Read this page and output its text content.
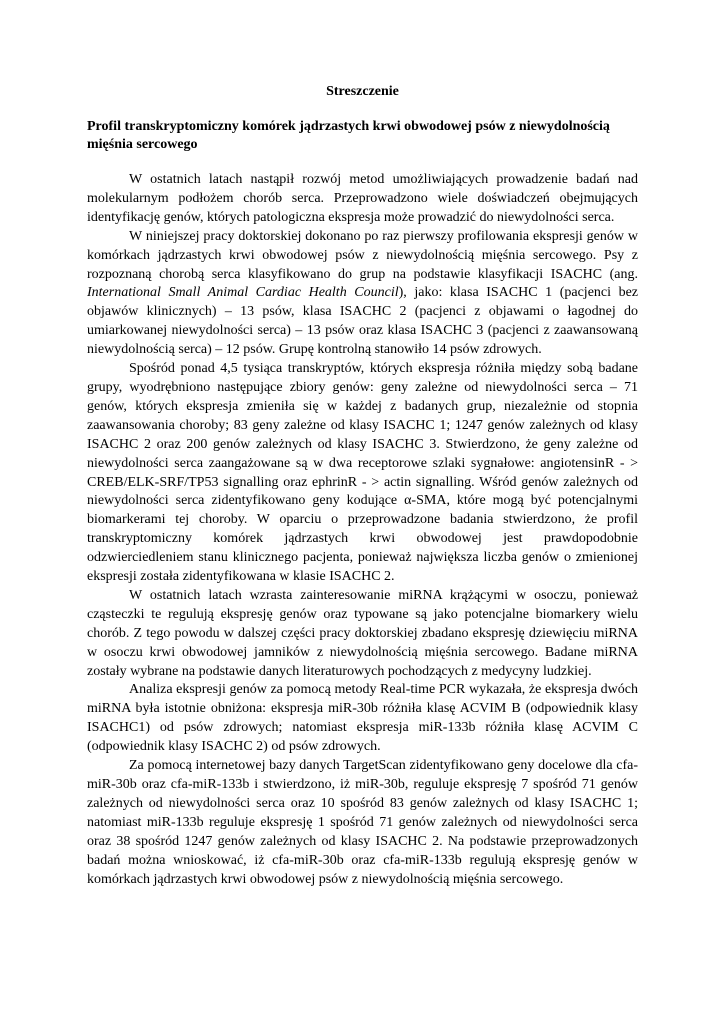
Streszczenie
Profil transkryptomiczny komórek jądrzastych krwi obwodowej psów z niewydolnością mięśnia sercowego

W ostatnich latach nastąpił rozwój metod umożliwiających prowadzenie badań nad molekularnym podłożem chorób serca. Przeprowadzono wiele doświadczeń obejmujących identyfikację genów, których patologiczna ekspresja może prowadzić do niewydolności serca.

W niniejszej pracy doktorskiej dokonano po raz pierwszy profilowania ekspresji genów w komórkach jądrzastych krwi obwodowej psów z niewydolnością mięśnia sercowego. Psy z rozpoznaną chorobą serca klasyfikowano do grup na podstawie klasyfikacji ISACHC (ang. International Small Animal Cardiac Health Council), jako: klasa ISACHC 1 (pacjenci bez objawów klinicznych) – 13 psów, klasa ISACHC 2 (pacjenci z objawami o łagodnej do umiarkowanej niewydolności serca) – 13 psów oraz klasa ISACHC 3 (pacjenci z zaawansowaną niewydolnością serca) – 12 psów. Grupę kontrolną stanowiło 14 psów zdrowych.

Spośród ponad 4,5 tysiąca transkryptów, których ekspresja różniła między sobą badane grupy, wyodrębniono następujące zbiory genów: geny zależne od niewydolności serca – 71 genów, których ekspresja zmieniła się w każdej z badanych grup, niezależnie od stopnia zaawansowania choroby; 83 geny zależne od klasy ISACHC 1; 1247 genów zależnych od klasy ISACHC 2 oraz 200 genów zależnych od klasy ISACHC 3. Stwierdzono, że geny zależne od niewydolności serca zaangażowane są w dwa receptorowe szlaki sygnałowe: angiotensinR - > CREB/ELK-SRF/TP53 signalling oraz ephrinR - > actin signalling. Wśród genów zależnych od niewydolności serca zidentyfikowano geny kodujące α-SMA, które mogą być potencjalnymi biomarkerami tej choroby. W oparciu o przeprowadzone badania stwierdzono, że profil transkryptomiczny komórek jądrzastych krwi obwodowej jest prawdopodobnie odzwierciedleniem stanu klinicznego pacjenta, ponieważ największa liczba genów o zmienionej ekspresji została zidentyfikowana w klasie ISACHC 2.

W ostatnich latach wzrasta zainteresowanie miRNA krążącymi w osoczu, ponieważ cząsteczki te regulują ekspresję genów oraz typowane są jako potencjalne biomarkery wielu chorób. Z tego powodu w dalszej części pracy doktorskiej zbadano ekspresję dziewięciu miRNA w osoczu krwi obwodowej jamników z niewydolnością mięśnia sercowego. Badane miRNA zostały wybrane na podstawie danych literaturowych pochodzących z medycyny ludzkiej.

Analiza ekspresji genów za pomocą metody Real-time PCR wykazała, że ekspresja dwóch miRNA była istotnie obniżona: ekspresja miR-30b różniła klasę ACVIM B (odpowiednik klasy ISACHC1) od psów zdrowych; natomiast ekspresja miR-133b różniła klasę ACVIM C (odpowiednik klasy ISACHC 2) od psów zdrowych.

Za pomocą internetowej bazy danych TargetScan zidentyfikowano geny docelowe dla cfa-miR-30b oraz cfa-miR-133b i stwierdzono, iż miR-30b, reguluje ekspresję 7 spośród 71 genów zależnych od niewydolności serca oraz 10 spośród 83 genów zależnych od klasy ISACHC 1; natomiast miR-133b reguluje ekspresję 1 spośród 71 genów zależnych od niewydolności serca oraz 38 spośród 1247 genów zależnych od klasy ISACHC 2. Na podstawie przeprowadzonych badań można wnioskować, iż cfa-miR-30b oraz cfa-miR-133b regulują ekspresję genów w komórkach jądrzastych krwi obwodowej psów z niewydolnością mięśnia sercowego.
